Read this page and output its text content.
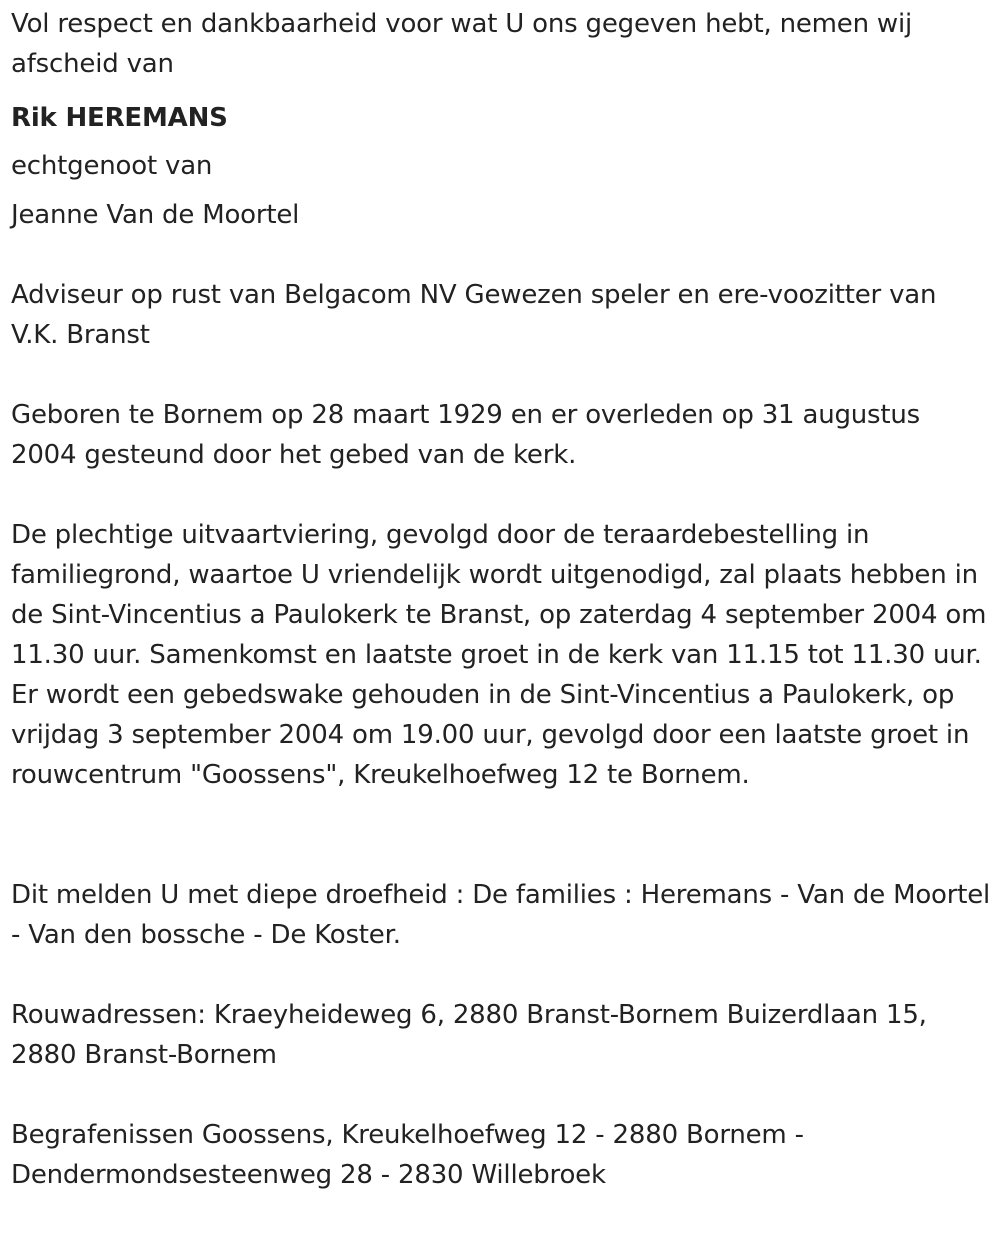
Vol respect en dankbaarheid voor wat U ons gegeven hebt, nemen wij afscheid van

Rik HEREMANS

echtgenoot van

Jeanne Van de Moortel

Adviseur op rust van Belgacom NV Gewezen speler en ere-voozitter van V.K. Branst

Geboren te Bornem op 28 maart 1929 en er overleden op 31 augustus 2004 gesteund door het gebed van de kerk.

De plechtige uitvaartviering, gevolgd door de teraardebestelling in familiegrond, waartoe U vriendelijk wordt uitgenodigd, zal plaats hebben in de Sint-Vincentius a Paulokerk te Branst, op zaterdag 4 september 2004 om 11.30 uur. Samenkomst en laatste groet in de kerk van 11.15 tot 11.30 uur. Er wordt een gebedswake gehouden in de Sint-Vincentius a Paulokerk, op vrijdag 3 september 2004 om 19.00 uur, gevolgd door een laatste groet in rouwcentrum "Goossens", Kreukelhoefweg 12 te Bornem.

Dit melden U met diepe droefheid : De families : Heremans - Van de Moortel - Van den bossche - De Koster.

Rouwadressen: Kraeyheideweg 6, 2880 Branst-Bornem Buizerdlaan 15, 2880 Branst-Bornem

Begrafenissen Goossens, Kreukelhoefweg 12 - 2880 Bornem - Dendermondsesteenweg 28 - 2830 Willebroek
